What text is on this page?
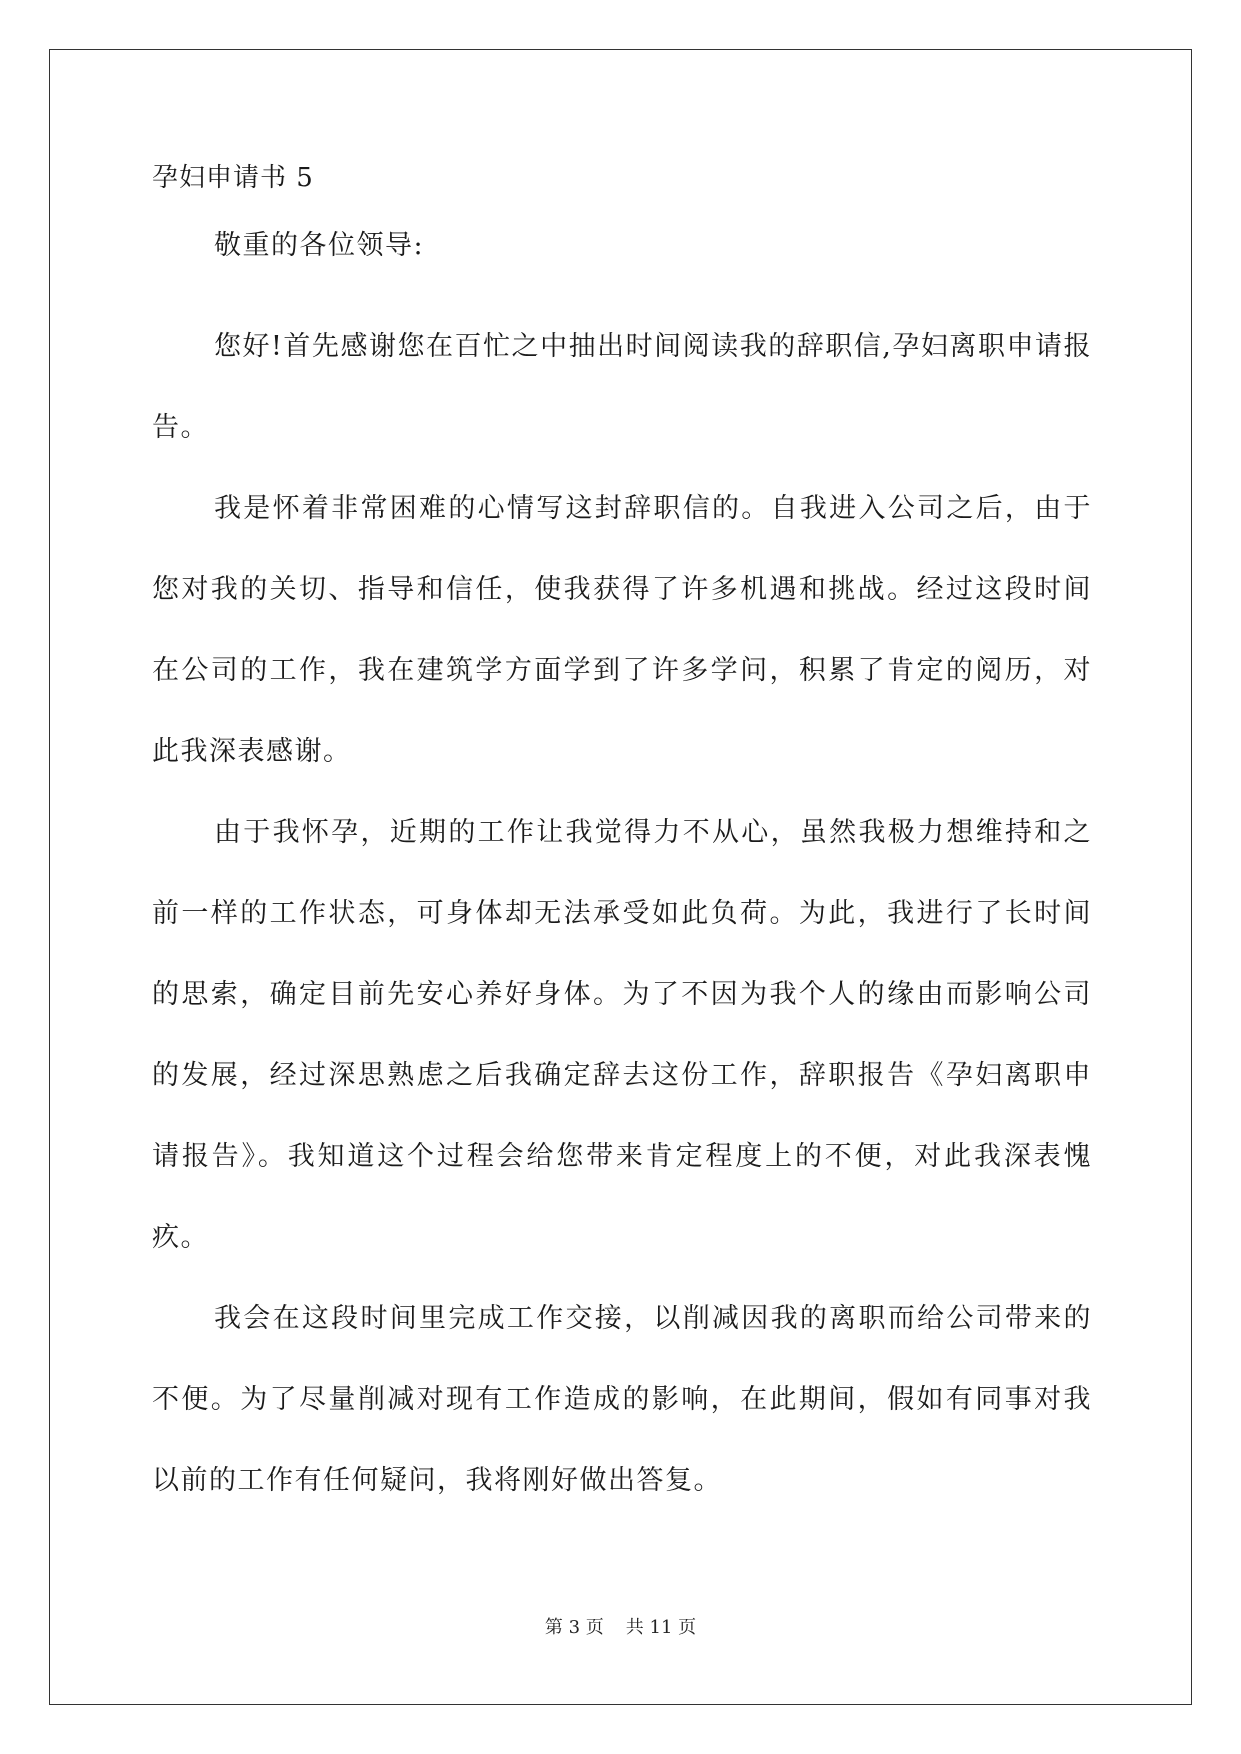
孕妇申请书 5

敬重的各位领导:

您好!首先感谢您在百忙之中抽出时间阅读我的辞职信,孕妇离职申请报告。

我是怀着非常困难的心情写这封辞职信的。自我进入公司之后，由于您对我的关切、指导和信任，使我获得了许多机遇和挑战。经过这段时间在公司的工作，我在建筑学方面学到了许多学问，积累了肯定的阅历，对此我深表感谢。

由于我怀孕，近期的工作让我觉得力不从心，虽然我极力想维持和之前一样的工作状态，可身体却无法承受如此负荷。为此，我进行了长时间的思索，确定目前先安心养好身体。为了不因为我个人的缘由而影响公司的发展，经过深思熟虑之后我确定辞去这份工作，辞职报告《孕妇离职申请报告》。我知道这个过程会给您带来肯定程度上的不便，对此我深表愧疚。

我会在这段时间里完成工作交接，以削减因我的离职而给公司带来的不便。为了尽量削减对现有工作造成的影响，在此期间，假如有同事对我以前的工作有任何疑问，我将刚好做出答复。

第 3 页 共 11 页
